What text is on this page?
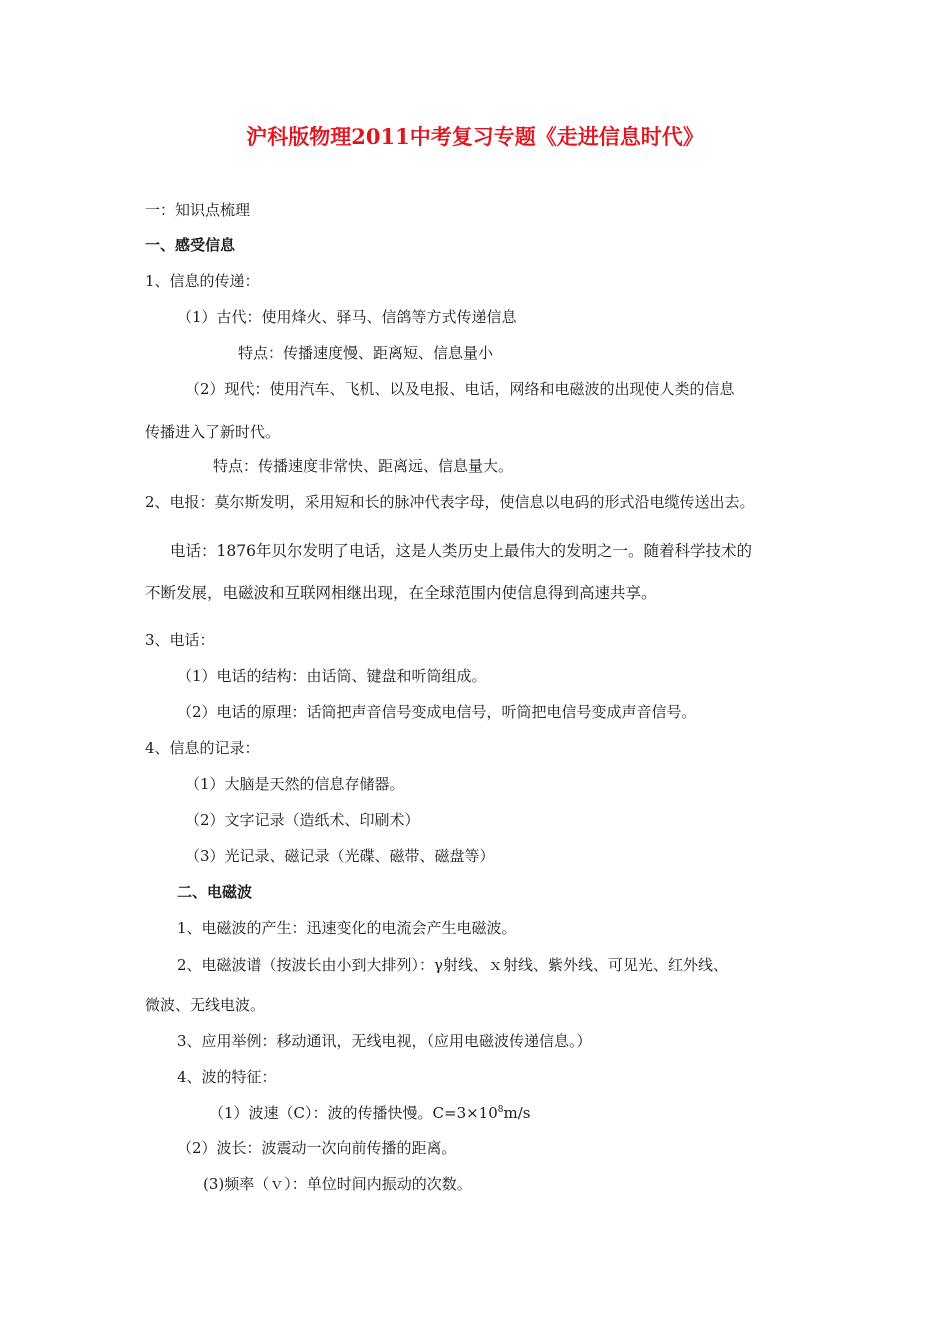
沪科版物理2011中考复习专题《走进信息时代》
一：知识点梳理
一、感受信息
1、信息的传递：
（1）古代：使用烽火、驿马、信鸽等方式传递信息
特点：传播速度慢、距离短、信息量小
（2）现代：使用汽车、飞机、以及电报、电话，网络和电磁波的出现使人类的信息
传播进入了新时代。
特点：传播速度非常快、距离远、信息量大。
2、电报：莫尔斯发明，采用短和长的脉冲代表字母，使信息以电码的形式沿电缆传送出去。
电话：1876年贝尔发明了电话，这是人类历史上最伟大的发明之一。随着科学技术的
不断发展，电磁波和互联网相继出现，在全球范围内使信息得到高速共享。
3、电话：
（1）电话的结构：由话筒、键盘和听筒组成。
（2）电话的原理：话筒把声音信号变成电信号，听筒把电信号变成声音信号。
4、信息的记录：
（1）大脑是天然的信息存储器。
（2）文字记录（造纸术、印刷术）
（3）光记录、磁记录（光碟、磁带、磁盘等）
二、电磁波
1、电磁波的产生：迅速变化的电流会产生电磁波。
2、电磁波谱（按波长由小到大排列）：γ射线、ｘ射线、紫外线、可见光、红外线、
微波、无线电波。
3、应用举例：移动通讯，无线电视，（应用电磁波传递信息。）
4、波的特征：
（1）波速（C）：波的传播快慢。$C=3\times 10^8m/s$
（2）波长：波震动一次向前传播的距离。
(3)频率（ｖ）：单位时间内振动的次数。
